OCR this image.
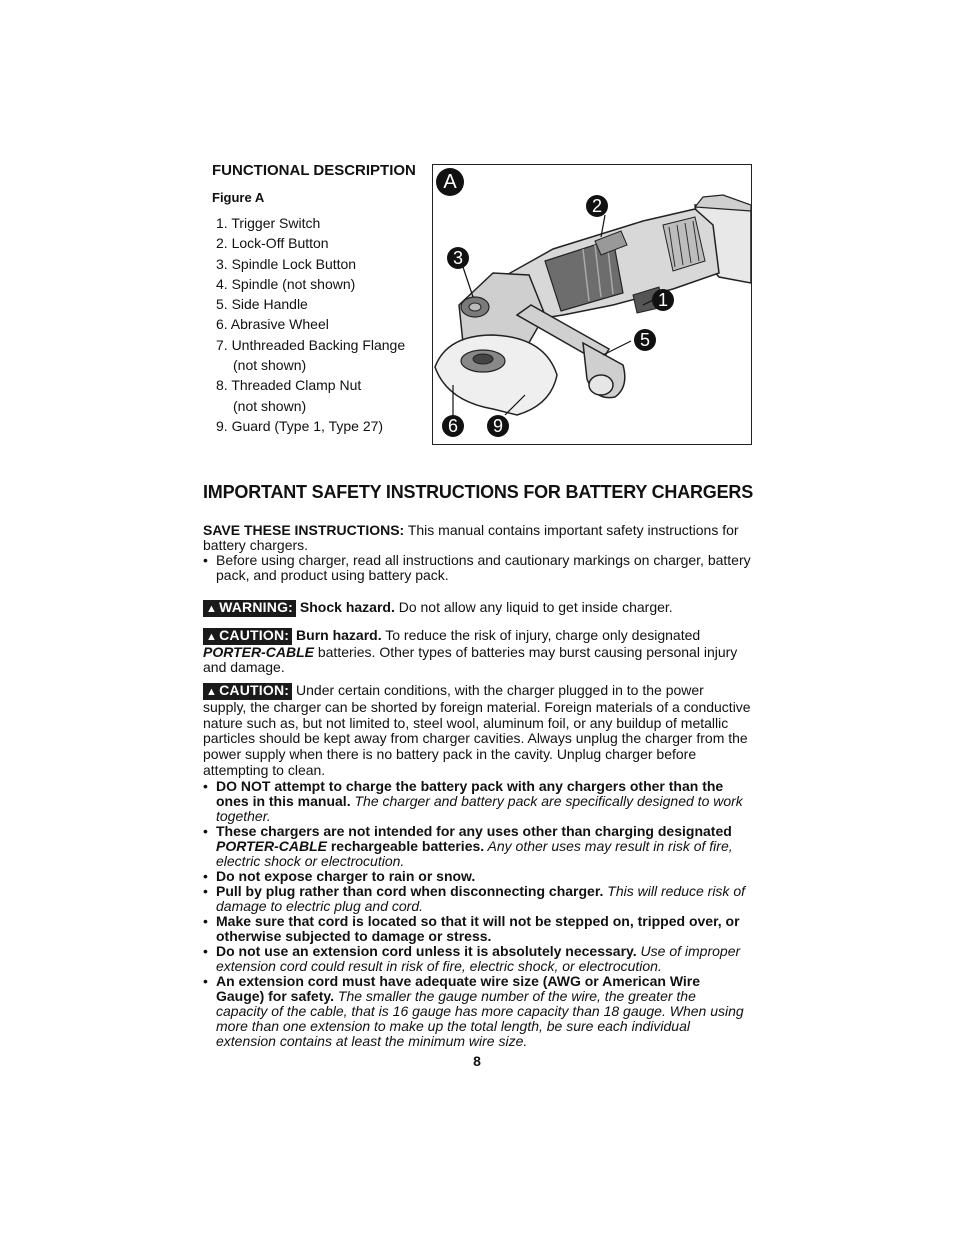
FUNCTIONAL DESCRIPTION
Figure A
1. Trigger Switch
2. Lock-Off Button
3. Spindle Lock Button
4. Spindle (not shown)
5. Side Handle
6. Abrasive Wheel
7. Unthreaded Backing Flange
(not shown)
8. Threaded Clamp Nut
(not shown)
9. Guard (Type 1, Type 27)
A
2
3
1
5
6	9
IMPORTANT SAFETY INSTRUCTIONS FOR BATTERY CHARGERS

SAVE THESE INSTRUCTIONS: This manual contains important safety instructions for battery chargers.

• Before using charger, read all instructions and cautionary markings on charger, battery pack, and product using battery pack.

▲ WARNING: Shock hazard. Do not allow any liquid to get inside charger.

▲ CAUTION: Burn hazard. To reduce the risk of injury, charge only designated PORTER-CABLE batteries. Other types of batteries may burst causing personal injury and damage.

▲ CAUTION: Under certain conditions, with the charger plugged in to the power supply, the charger can be shorted by foreign material. Foreign materials of a conductive nature such as, but not limited to, steel wool, aluminum foil, or any buildup of metallic particles should be kept away from charger cavities. Always unplug the charger from the power supply when there is no battery pack in the cavity. Unplug charger before attempting to clean.

• DO NOT attempt to charge the battery pack with any chargers other than the ones in this manual. The charger and battery pack are specifically designed to work together.

• These chargers are not intended for any uses other than charging designated PORTER-CABLE rechargeable batteries. Any other uses may result in risk of fire, electric shock or electrocution.

• Do not expose charger to rain or snow.

• Pull by plug rather than cord when disconnecting charger. This will reduce risk of damage to electric plug and cord.

• Make sure that cord is located so that it will not be stepped on, tripped over, or otherwise subjected to damage or stress.

• Do not use an extension cord unless it is absolutely necessary. Use of improper extension cord could result in risk of fire, electric shock, or electrocution.

• An extension cord must have adequate wire size (AWG or American Wire Gauge) for safety. The smaller the gauge number of the wire, the greater the capacity of the cable, that is 16 gauge has more capacity than 18 gauge. When using more than one extension to make up the total length, be sure each individual extension contains at least the minimum wire size.

8
